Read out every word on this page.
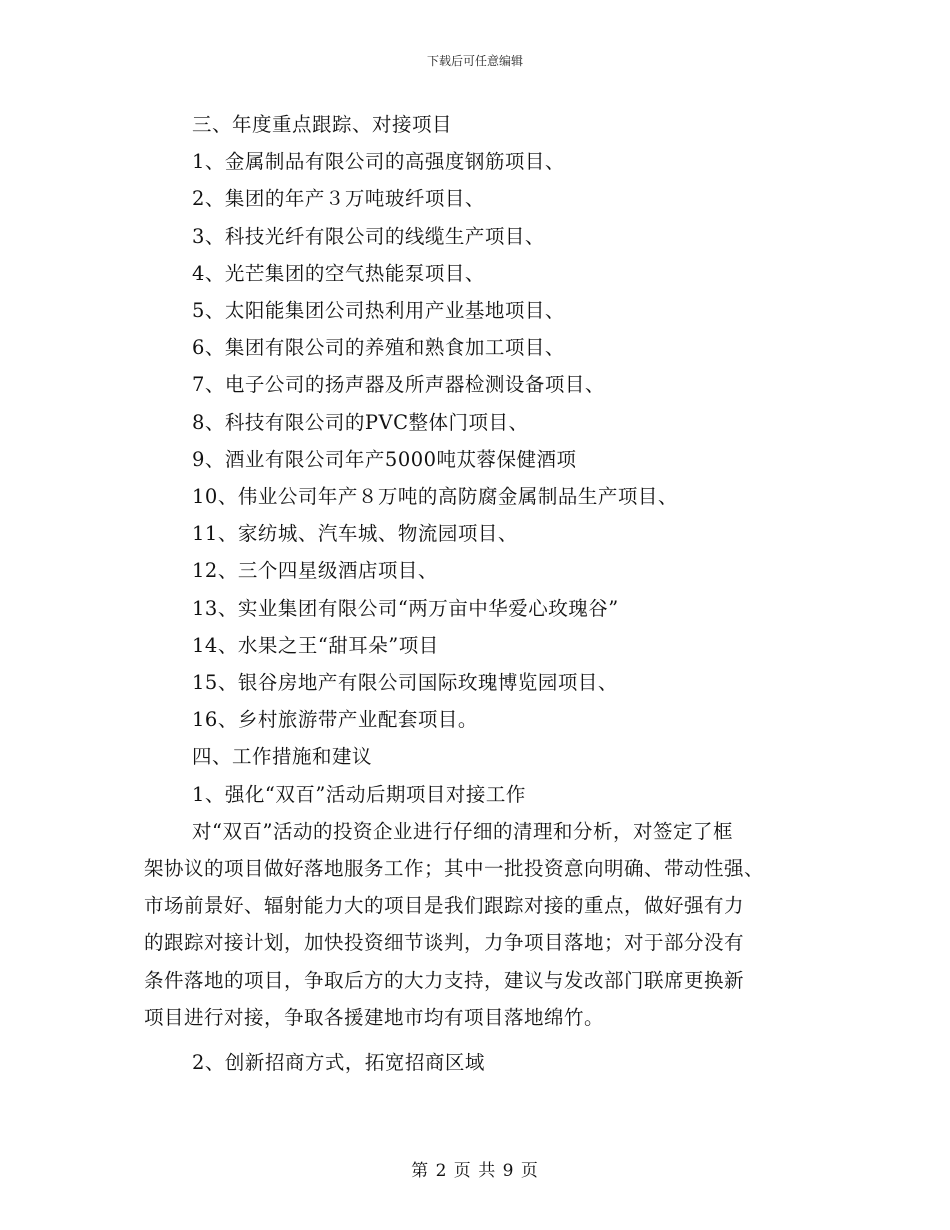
下载后可任意编辑
三、年度重点跟踪、对接项目
1、金属制品有限公司的高强度钢筋项目、
2、集团的年产３万吨玻纤项目、
3、科技光纤有限公司的线缆生产项目、
4、光芒集团的空气热能泵项目、
5、太阳能集团公司热利用产业基地项目、
6、集团有限公司的养殖和熟食加工项目、
7、电子公司的扬声器及所声器检测设备项目、
8、科技有限公司的PVC整体门项目、
9、酒业有限公司年产5000吨苁蓉保健酒项
10、伟业公司年产８万吨的高防腐金属制品生产项目、
11、家纺城、汽车城、物流园项目、
12、三个四星级酒店项目、
13、实业集团有限公司“两万亩中华爱心玫瑰谷”
14、水果之王“甜耳朵”项目
15、银谷房地产有限公司国际玫瑰博览园项目、
16、乡村旅游带产业配套项目。
四、工作措施和建议
1、强化“双百”活动后期项目对接工作
对“双百”活动的投资企业进行仔细的清理和分析，对签定了框
架协议的项目做好落地服务工作；其中一批投资意向明确、带动性强、
市场前景好、辐射能力大的项目是我们跟踪对接的重点，做好强有力
的跟踪对接计划，加快投资细节谈判，力争项目落地；对于部分没有
条件落地的项目，争取后方的大力支持，建议与发改部门联席更换新
项目进行对接，争取各援建地市均有项目落地绵竹。
2、创新招商方式，拓宽招商区域
第 2 页 共 9 页
